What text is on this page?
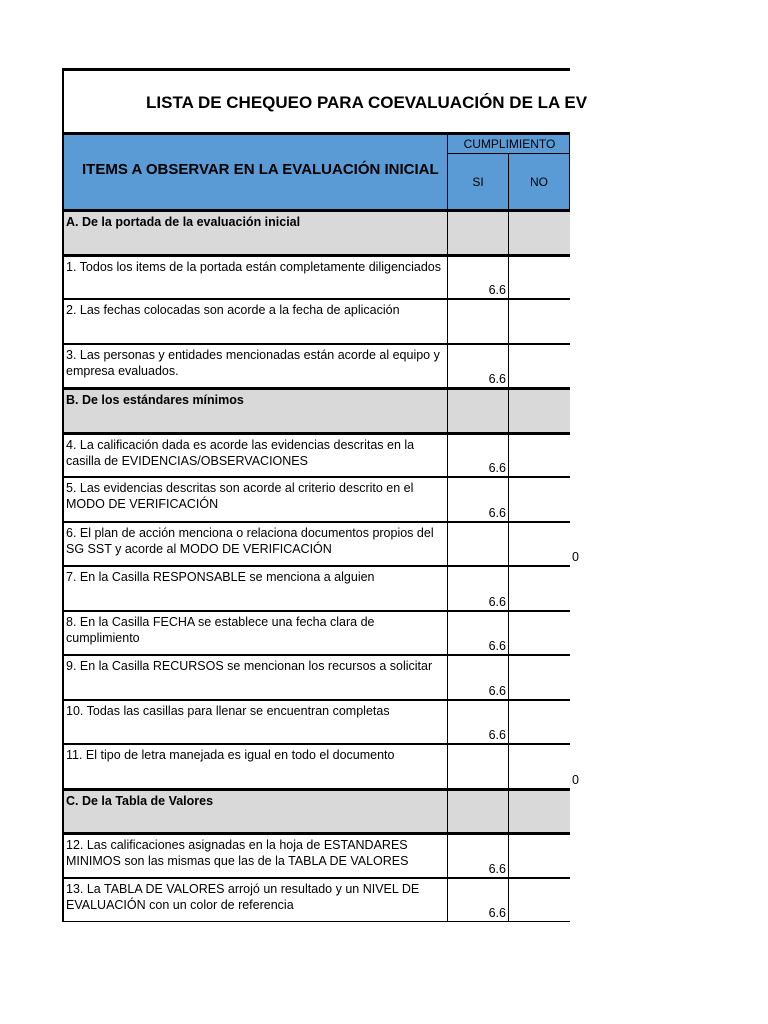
LISTA DE CHEQUEO PARA COEVALUACIÓN DE LA EV
ITEMS A OBSERVAR EN LA EVALUACIÓN INICIAL
CUMPLIMIENTO
SI	NO
A. De la portada de la evaluación inicial
1. Todos los items de la portada están completamente diligenciados
6.6
2. Las fechas colocadas son acorde a la fecha de aplicación
3. Las personas y entidades mencionadas están acorde al equipo y empresa evaluados.
6.6
B. De los estándares mínimos
4. La calificación dada es acorde las evidencias descritas en la casilla de EVIDENCIAS/OBSERVACIONES	6.6
5. Las evidencias descritas son acorde al criterio descrito en el MODO DE VERIFICACIÓN
6.6
6. El plan de acción menciona o relaciona documentos propios del SG SST y acorde al MODO DE VERIFICACIÓN
0
7. En la Casilla RESPONSABLE se menciona a alguien
6.6
8. En la Casilla FECHA se establece una fecha clara de cumplimiento
6.6
9. En la Casilla RECURSOS se mencionan los recursos a solicitar
6.6
10. Todas las casillas para llenar se encuentran completas
6.6
11. El tipo de letra manejada es igual en todo el documento
0
C. De la Tabla de Valores
12. Las calificaciones asignadas en la hoja de ESTANDARES MINIMOS son las mismas que las de la TABLA DE VALORES
6.6
13. La TABLA DE VALORES arrojó un resultado y un NIVEL DE EVALUACIÓN con un color de referencia
6.6
